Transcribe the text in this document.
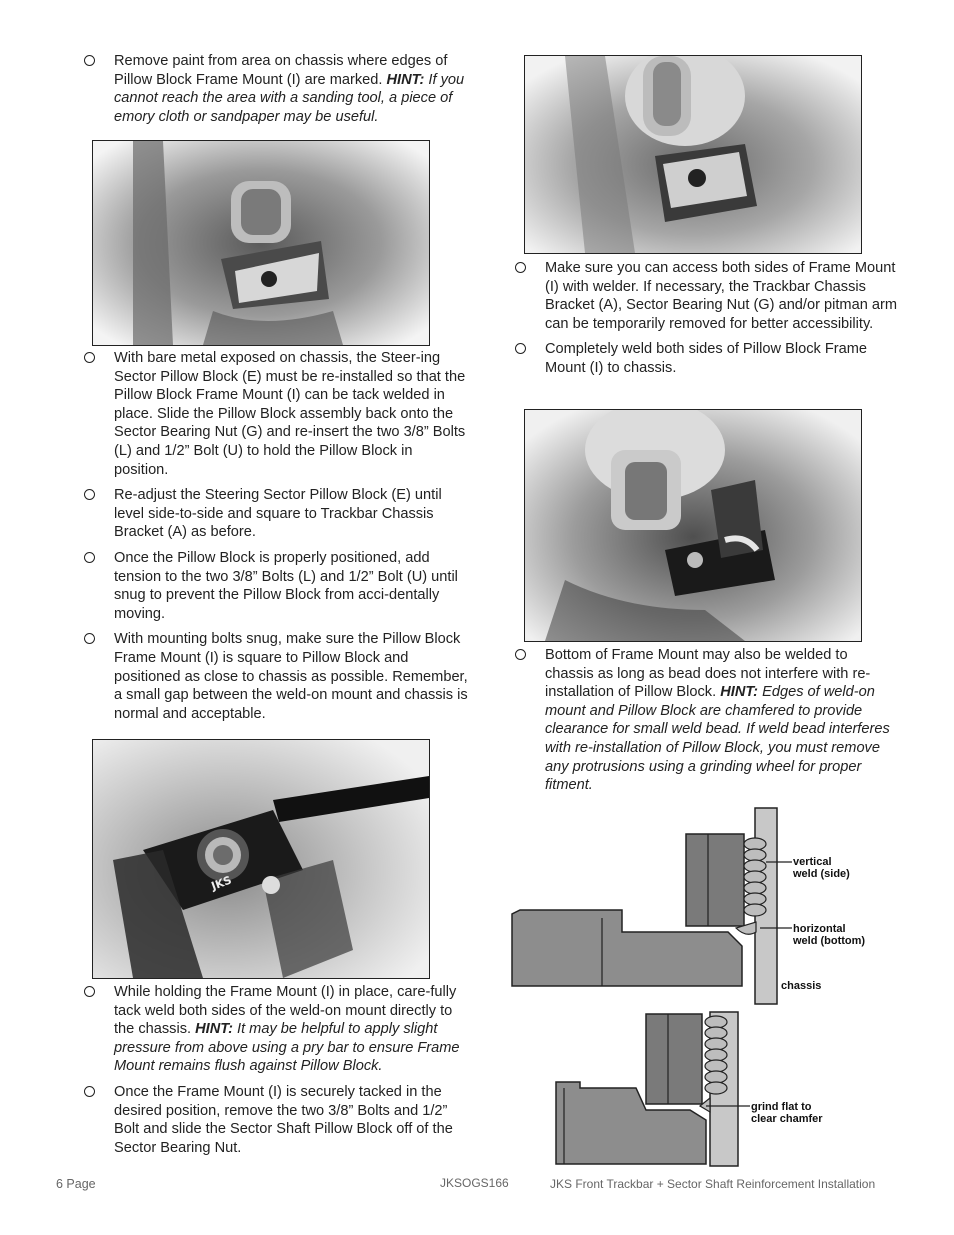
Remove paint from area on chassis where edges of Pillow Block Frame Mount (I) are marked. HINT: If you cannot reach the area with a sanding tool, a piece of emory cloth or sandpaper may be useful.

With bare metal exposed on chassis, the Steer-ing Sector Pillow Block (E) must be re-installed so that the Pillow Block Frame Mount (I) can be tack welded in place. Slide the Pillow Block assembly back onto the Sector Bearing Nut (G) and re-insert the two 3/8” Bolts (L) and 1/2” Bolt (U) to hold the Pillow Block in position.

Re-adjust the Steering Sector Pillow Block (E) until level side-to-side and square to Trackbar Chassis Bracket (A) as before.

Once the Pillow Block is properly positioned, add tension to the two 3/8” Bolts (L) and 1/2” Bolt (U) until snug to prevent the Pillow Block from acci-dentally moving.

With mounting bolts snug, make sure the Pillow Block Frame Mount (I) is square to Pillow Block and positioned as close to chassis as possible. Remember, a small gap between the weld-on mount and chassis is normal and acceptable.

JKS

While holding the Frame Mount (I) in place, care-fully tack weld both sides of the weld-on mount directly to the chassis. HINT: It may be helpful to apply slight pressure from above using a pry bar to ensure Frame Mount remains flush against Pillow Block.

Once the Frame Mount (I) is securely tacked in the desired position, remove the two 3/8” Bolts and 1/2” Bolt and slide the Sector Shaft Pillow Block off of the Sector Bearing Nut.

Make sure you can access both sides of Frame Mount (I) with welder. If necessary, the Trackbar Chassis Bracket (A), Sector Bearing Nut (G) and/or pitman arm can be temporarily removed for better accessibility.

Completely weld both sides of Pillow Block Frame Mount (I) to chassis.

Bottom of Frame Mount may also be welded to chassis as long as bead does not interfere with re-installation of Pillow Block. HINT: Edges of weld-on mount and Pillow Block are chamfered to provide clearance for small weld bead. If weld bead interferes with re-installation of Pillow Block, you must remove any protrusions using a grinding wheel for proper fitment.

vertical
weld (side)
horizontal
weld (bottom)
chassis
grind flat to
clear chamfer
6 Page	JKSOGS166	JKS Front Trackbar + Sector Shaft Reinforcement Installation
